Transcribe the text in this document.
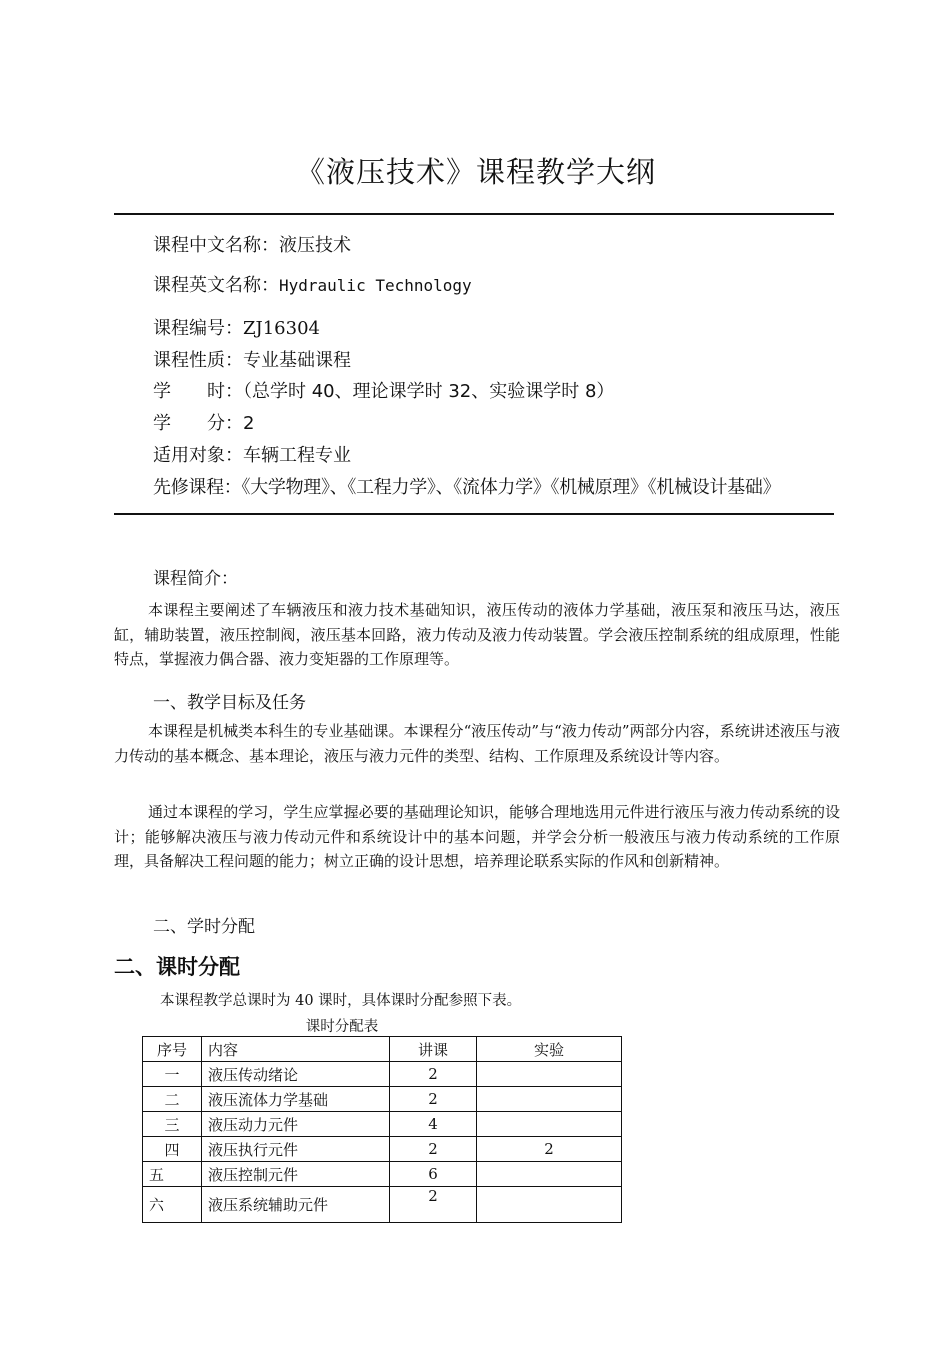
《液压技术》课程教学大纲
课程中文名称：液压技术
课程英文名称：Hydraulic Technology
课程编号：ZJ16304
课程性质：专业基础课程
学　　时：（总学时 40、理论课学时 32、实验课学时 8）
学　　分：2
适用对象：车辆工程专业
先修课程：《大学物理》、《工程力学》、《流体力学》《机械原理》《机械设计基础》
课程简介：
本课程主要阐述了车辆液压和液力技术基础知识，液压传动的液体力学基础，液压泵和液压马达，液压缸，辅助装置，液压控制阀，液压基本回路，液力传动及液力传动装置。学会液压控制系统的组成原理，性能特点，掌握液力偶合器、液力变矩器的工作原理等。
一、教学目标及任务
本课程是机械类本科生的专业基础课。本课程分“液压传动”与“液力传动”两部分内容，系统讲述液压与液力传动的基本概念、基本理论，液压与液力元件的类型、结构、工作原理及系统设计等内容。
通过本课程的学习，学生应掌握必要的基础理论知识，能够合理地选用元件进行液压与液力传动系统的设计；能够解决液压与液力传动元件和系统设计中的基本问题，并学会分析一般液压与液力传动系统的工作原理，具备解决工程问题的能力；树立正确的设计思想，培养理论联系实际的作风和创新精神。
二、学时分配
二、课时分配
本课程教学总课时为 40 课时，具体课时分配参照下表。
课时分配表
序号	内容	讲课	实验
一	液压传动绪论	2	
二	液压流体力学基础	2	
三	液压动力元件	4	
四	液压执行元件	2	2
五	液压控制元件	6	
六	液压系统辅助元件	2	
